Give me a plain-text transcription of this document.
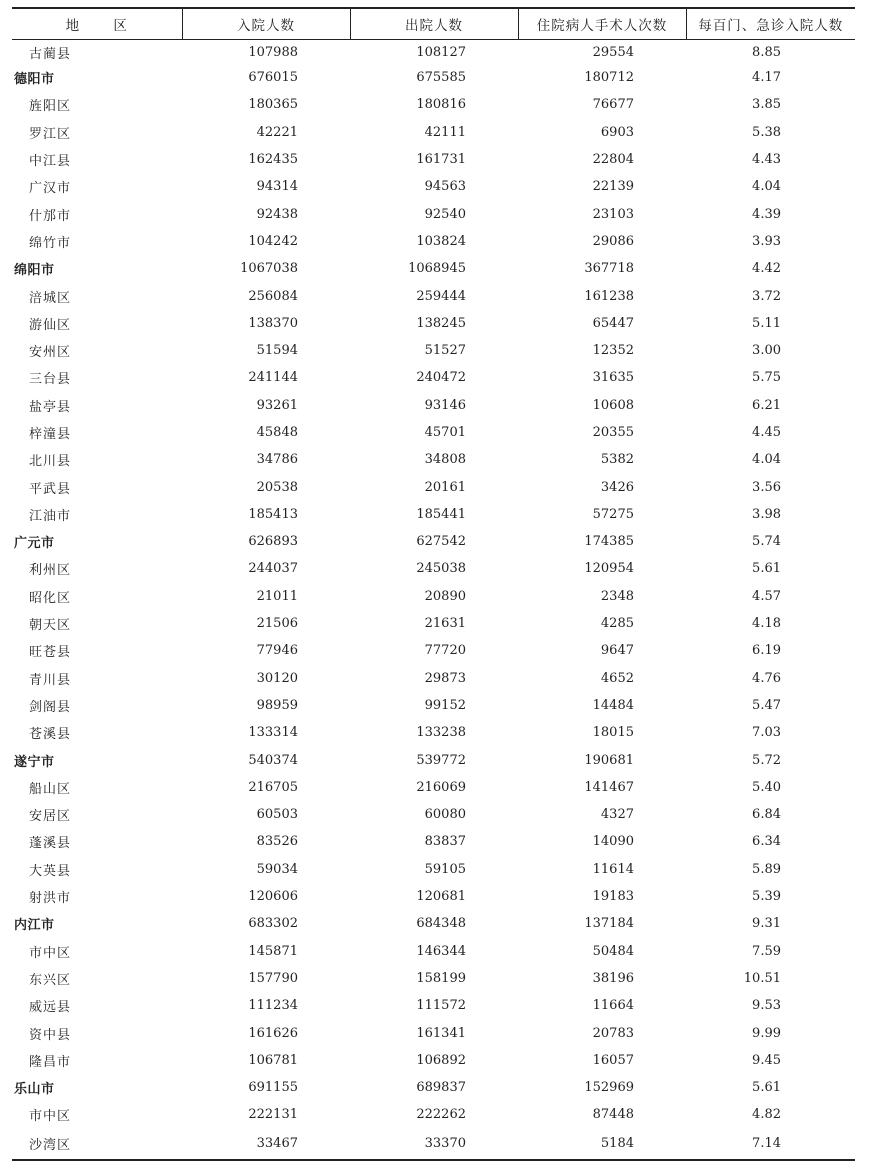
地 区	入院人数	出院人数	住院病人手术人次数	每百门、急诊入院人数
古蔺县	107988	108127	29554	8.85
德阳市	676015	675585	180712	4.17
旌阳区	180365	180816	76677	3.85
罗江区	42221	42111	6903	5.38
中江县	162435	161731	22804	4.43
广汉市	94314	94563	22139	4.04
什邡市	92438	92540	23103	4.39
绵竹市	104242	103824	29086	3.93
绵阳市	1067038	1068945	367718	4.42
涪城区	256084	259444	161238	3.72
游仙区	138370	138245	65447	5.11
安州区	51594	51527	12352	3.00
三台县	241144	240472	31635	5.75
盐亭县	93261	93146	10608	6.21
梓潼县	45848	45701	20355	4.45
北川县	34786	34808	5382	4.04
平武县	20538	20161	3426	3.56
江油市	185413	185441	57275	3.98
广元市	626893	627542	174385	5.74
利州区	244037	245038	120954	5.61
昭化区	21011	20890	2348	4.57
朝天区	21506	21631	4285	4.18
旺苍县	77946	77720	9647	6.19
青川县	30120	29873	4652	4.76
剑阁县	98959	99152	14484	5.47
苍溪县	133314	133238	18015	7.03
遂宁市	540374	539772	190681	5.72
船山区	216705	216069	141467	5.40
安居区	60503	60080	4327	6.84
蓬溪县	83526	83837	14090	6.34
大英县	59034	59105	11614	5.89
射洪市	120606	120681	19183	5.39
内江市	683302	684348	137184	9.31
市中区	145871	146344	50484	7.59
东兴区	157790	158199	38196	10.51
威远县	111234	111572	11664	9.53
资中县	161626	161341	20783	9.99
隆昌市	106781	106892	16057	9.45
乐山市	691155	689837	152969	5.61
市中区	222131	222262	87448	4.82
沙湾区	33467	33370	5184	7.14
